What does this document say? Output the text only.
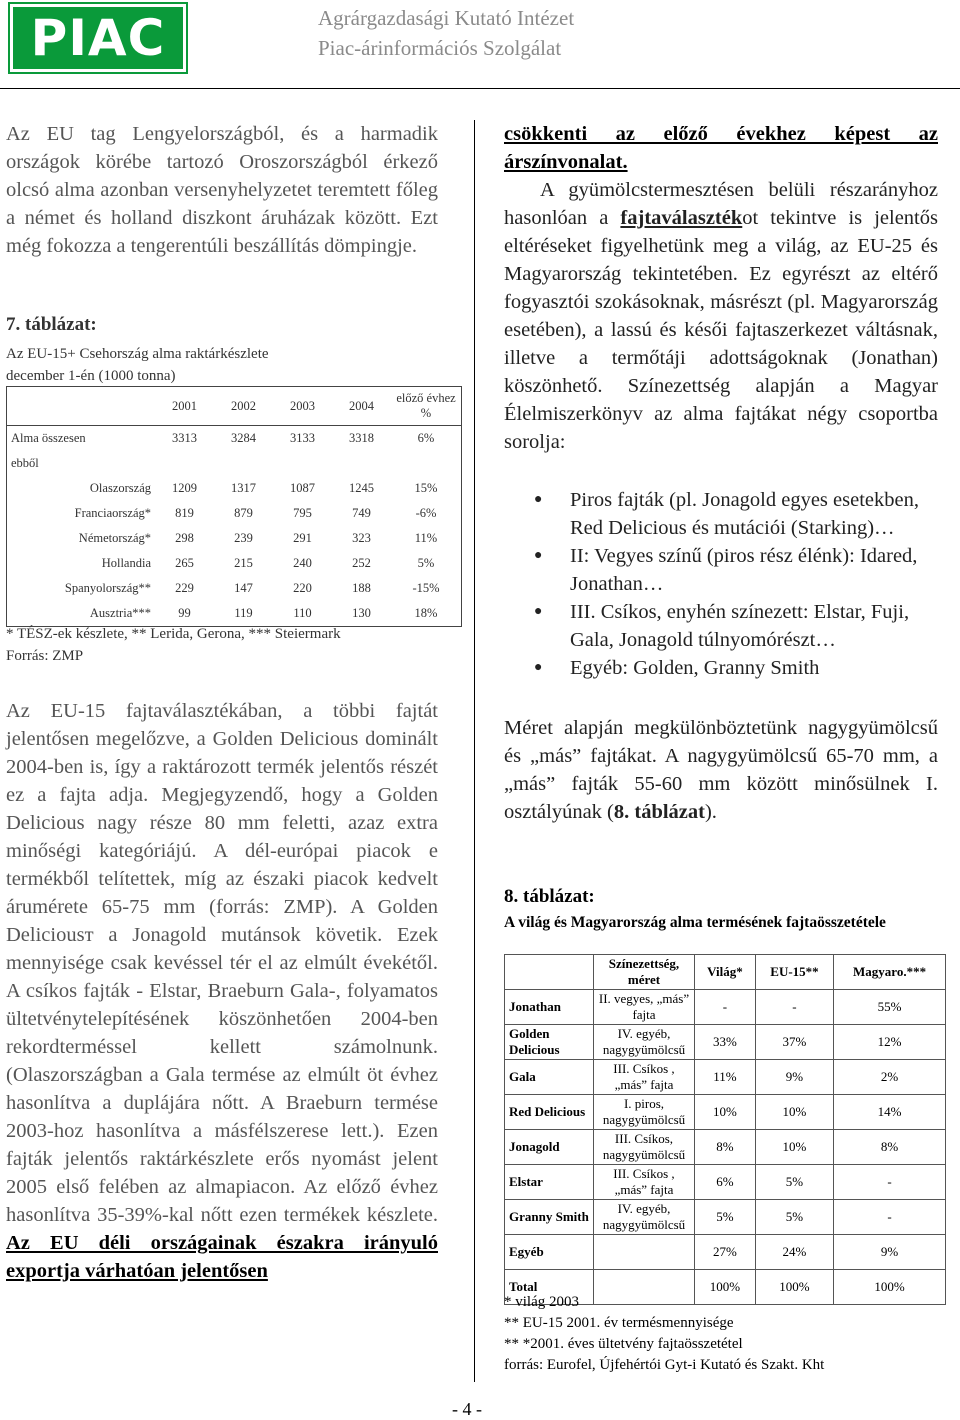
PIAC	Agrárgazdasági Kutató Intézet
Piac-árinformációs Szolgálat
Az EU tag Lengyelországból, és a harmadik országok körébe tartozó Oroszországból érkező olcsó alma azonban versenyhelyzetet teremtett főleg a német és holland diszkont áruházak között. Ezt még fokozza a tengerentúli beszállítás dömpingje.
7. táblázat:
Az EU-15+ Csehország alma raktárkészlete
december 1-én (1000 tonna)
	2001	2002	2003	2004	előző évhez %
Alma összesen	3313	3284	3133	3318	6%
ebből					
Olaszország	1209	1317	1087	1245	15%
Franciaország*	819	879	795	749	-6%
Németország*	298	239	291	323	11%
Hollandia	265	215	240	252	5%
Spanyolország**	229	147	220	188	-15%
Ausztria***	99	119	110	130	18%
* TÉSZ-ek készlete, ** Lerida, Gerona, *** Steiermark
Forrás: ZMP
Az EU-15 fajtaválasztékában, a többi fajtát jelentősen megelőzve, a Golden Delicious dominált 2004-ben is, így a raktározott termék jelentős részét ez a fajta adja. Megjegyzendő, hogy a Golden Delicious nagy része 80 mm feletti, azaz extra minőségi kategóriájú. A dél-európai piacok e termékből telítettek, míg az északi piacok kedvelt árumérete 65-75 mm (forrás: ZMP). A Golden Deliciousт a Jonagold mutánsok követik. Ezek mennyisége csak kevéssel tér el az elmúlt évekétől. A csíkos fajták - Elstar, Braeburn Gala-, folyamatos ültetvénytelepítésének köszönhetően 2004-ben rekordterméssel kellett számolnunk. (Olaszországban a Gala termése az elmúlt öt évhez hasonlítva a duplájára nőtt. A Braeburn termése 2003-hoz hasonlítva a másfélszerese lett.). Ezen fajták jelentős raktárkészlete erős nyomást jelent 2005 első felében az almapiacon. Az előző évhez hasonlítva 35-39%-kal nőtt ezen termékek készlete. Az EU déli országainak északra irányuló exportja várhatóan jelentősen
csökkenti az előző évekhez képest az árszínvonalat.
A gyümölcstermesztésen belüli részarányhoz hasonlóan a fajtaválasztékot tekintve is jelentős eltéréseket figyelhetünk meg a világ, az EU-25 és Magyarország tekintetében. Ez egyrészt az eltérő fogyasztói szokásoknak, másrészt (pl. Magyarország esetében), a lassú és késői fajtaszerkezet váltásnak, illetve a termőtáji adottságoknak (Jonathan) köszönhető. Színezettség alapján a Magyar Élelmiszerkönyv az alma fajtákat négy csoportba sorolja:
● Piros fajták (pl. Jonagold egyes esetekben, Red Delicious és mutációi (Starking)…
● II: Vegyes színű (piros rész élénk): Idared, Jonathan…
● III. Csíkos, enyhén színezett: Elstar, Fuji, Gala, Jonagold túlnyomórészt…
● Egyéb: Golden, Granny Smith
Méret alapján megkülönböztetünk nagygyümölcsű és „más” fajtákat. A nagygyümölcsű 65-70 mm, a „más” fajták 55-60 mm között minősülnek I. osztályúnak (8. táblázat).
8. táblázat:
A világ és Magyarország alma termésének fajtaösszetétele
	Színezettség, méret	Világ*	EU-15**	Magyaro.***
Jonathan	II. vegyes, „más” fajta	-	-	55%
Golden Delicious	IV. egyéb, nagygyümölcsű	33%	37%	12%
Gala	III. Csíkos , „más” fajta	11%	9%	2%
Red Delicious	I. piros, nagygyümölcsű	10%	10%	14%
Jonagold	III. Csíkos, nagygyümölcsű	8%	10%	8%
Elstar	III. Csíkos , „más” fajta	6%	5%	-
Granny Smith	IV. egyéb, nagygyümölcsű	5%	5%	-
Egyéb		27%	24%	9%
Total		100%	100%	100%
* világ 2003
** EU-15 2001. év termésmennyisége
** *2001. éves ültetvény fajtaösszetétel
forrás: Eurofel, Újfehértói Gyt-i Kutató és Szakt. Kht
- 4 -
